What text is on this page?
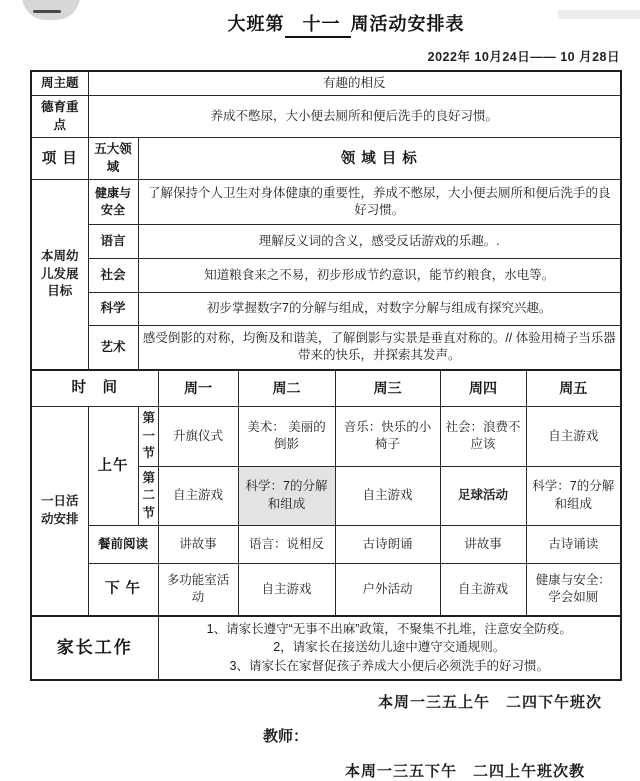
大班第 十一 周活动安排表
2022年 10月24日—— 10 月28日
周主题	有趣的相反						
德育重点	养成不憋尿，大小便去厕所和便后洗手的良好习惯。						
项 目	五大领域	领 域 目 标					
本周幼儿发展目标	健康与安全	了解保持个人卫生对身体健康的重要性，养成不憋尿，大小便去厕所和便后洗手的良好习惯。					
	语言	理解反义词的含义，感受反话游戏的乐趣。.					
	社会	知道粮食来之不易，初步形成节约意识，能节约粮食，水电等。					
	科学	初步掌握数字7的分解与组成，对数字分解与组成有探究兴趣。					
	艺术	感受倒影的对称，均衡及和谐美，了解倒影与实景是垂直对称的。// 体验用椅子当乐器带来的快乐，并探索其发声。					
时　间			周一	周二	周三	周四	周五
一日活动安排	上午	第一节	升旗仪式	美术： 美丽的倒影	音乐：快乐的小椅子	社会：浪费不应该	自主游戏
		第二节	自主游戏	科学：7的分解和组成	自主游戏	足球活动	科学：7的分解和组成
	餐前阅读		讲故事	语言：说相反	古诗朗诵	讲故事	古诗诵读
	下 午		多功能室活动	自主游戏	户外活动	自主游戏	健康与安全：学会如厕
家长工作			1、请家长遵守“无事不出麻”政策，不聚集不扎堆，注意安全防疫。
2，请家长在接送幼儿途中遵守交通规则。
3、请家长在家督促孩子养成大小便后必须洗手的好习惯。				
本周一三五上午　二四下午班次
教师：
本周一三五下午　二四上午班次教
